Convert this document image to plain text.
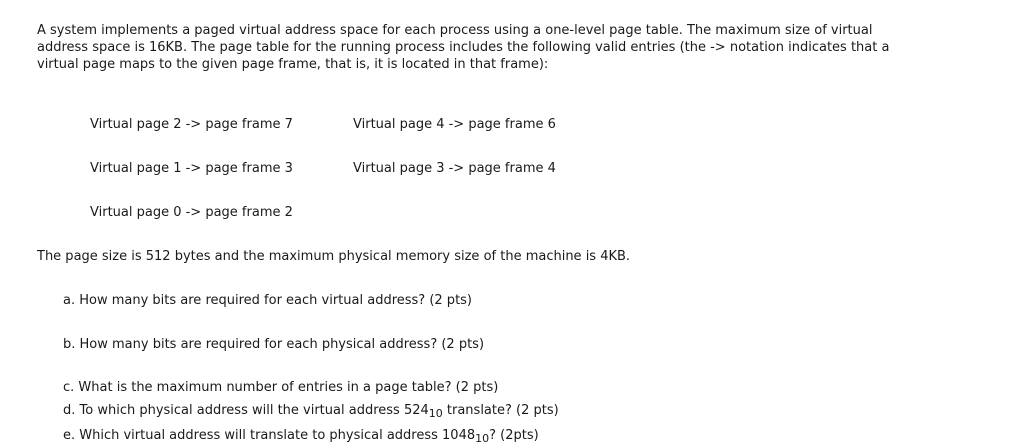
A system implements a paged virtual address space for each process using a one-level page table. The maximum size of virtual
address space is 16KB. The page table for the running process includes the following valid entries (the -> notation indicates that a
virtual page maps to the given page frame, that is, it is located in that frame):
Virtual page 2 -> page frame 7	Virtual page 4 -> page frame 6
Virtual page 1 -> page frame 3	Virtual page 3 -> page frame 4
Virtual page 0 -> page frame 2
The page size is 512 bytes and the maximum physical memory size of the machine is 4KB.
a. How many bits are required for each virtual address? (2 pts)
b. How many bits are required for each physical address? (2 pts)
c. What is the maximum number of entries in a page table? (2 pts)
d. To which physical address will the virtual address $524_{10}$ translate? (2 pts)
e. Which virtual address will translate to physical address $1048_{10}$? (2pts)
